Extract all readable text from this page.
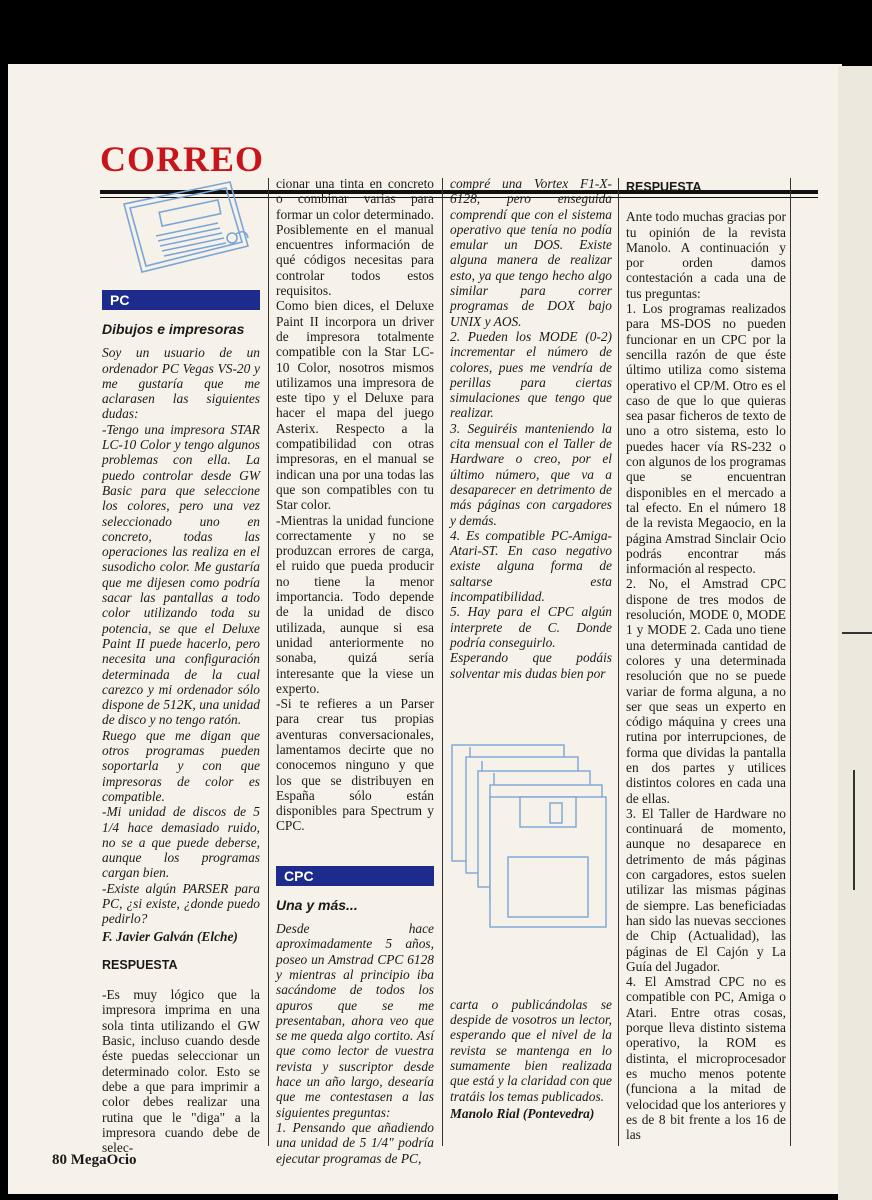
CORREO
PC
Dibujos e impresoras

Soy un usuario de un ordenador PC Vegas VS-20 y me gustaría que me aclarasen las siguientes dudas:

-Tengo una impresora STAR LC-10 Color y tengo algunos problemas con ella. La puedo controlar desde GW Basic para que seleccione los colores, pero una vez seleccionado uno en concreto, todas las operaciones las realiza en el susodicho color. Me gustaría que me dijesen como podría sacar las pantallas a todo color utilizando toda su potencia, se que el Deluxe Paint II puede hacerlo, pero necesita una configuración determinada de la cual carezco y mi ordenador sólo dispone de 512K, una unidad de disco y no tengo ratón.

Ruego que me digan que otros programas pueden soportarla y con que impresoras de color es compatible.

-Mi unidad de discos de 5 1/4 hace demasiado ruido, no se a que puede deberse, aunque los programas cargan bien.

-Existe algún PARSER para PC, ¿si existe, ¿donde puedo pedirlo?

F. Javier Galván (Elche)

RESPUESTA

-Es muy lógico que la impresora imprima en una sola tinta utilizando el GW Basic, incluso cuando desde éste puedas seleccionar un determinado color. Esto se debe a que para imprimir a color debes realizar una rutina que le "diga" a la impresora cuando debe de selec-

cionar una tinta en concreto o combinar varias para formar un color determinado. Posiblemente en el manual encuentres información de qué códigos necesitas para controlar todos estos requisitos.

Como bien dices, el Deluxe Paint II incorpora un driver de impresora totalmente compatible con la Star LC-10 Color, nosotros mismos utilizamos una impresora de este tipo y el Deluxe para hacer el mapa del juego Asterix. Respecto a la compatibilidad con otras impresoras, en el manual se indican una por una todas las que son compatibles con tu Star color.

-Mientras la unidad funcione correctamente y no se produzcan errores de carga, el ruido que pueda producir no tiene la menor importancia. Todo depende de la unidad de disco utilizada, aunque si esa unidad anteriormente no sonaba, quizá sería interesante que la viese un experto.

-Si te refieres a un Parser para crear tus propias aventuras conversacionales, lamentamos decirte que no conocemos ninguno y que los que se distribuyen en España sólo están disponibles para Spectrum y CPC.

CPC
Una y más...

Desde hace aproximadamente 5 años, poseo un Amstrad CPC 6128 y mientras al principio iba sacándome de todos los apuros que se me presentaban, ahora veo que se me queda algo cortito. Así que como lector de vuestra revista y suscriptor desde hace un año largo, desearía que me contestasen a las siguientes preguntas:

1. Pensando que añadiendo una unidad de 5 1/4" podría ejecutar programas de PC,

compré una Vortex F1-X-6128, pero enseguida comprendí que con el sistema operativo que tenía no podía emular un DOS. Existe alguna manera de realizar esto, ya que tengo hecho algo similar para correr programas de DOX bajo UNIX y AOS.

2. Pueden los MODE (0-2) incrementar el número de colores, pues me vendría de perillas para ciertas simulaciones que tengo que realizar.

3. Seguiréis manteniendo la cita mensual con el Taller de Hardware o creo, por el último número, que va a desaparecer en detrimento de más páginas con cargadores y demás.

4. Es compatible PC-Amiga-Atari-ST. En caso negativo existe alguna forma de saltarse esta incompatibilidad.

5. Hay para el CPC algún interprete de C. Donde podría conseguirlo.

Esperando que podáis solventar mis dudas bien por

carta o publicándolas se despide de vosotros un lector, esperando que el nivel de la revista se mantenga en lo sumamente bien realizada que está y la claridad con que tratáis los temas publicados.

Manolo Rial (Pontevedra)

RESPUESTA

Ante todo muchas gracias por tu opinión de la revista Manolo. A continuación y por orden damos contestación a cada una de tus preguntas:

1. Los programas realizados para MS-DOS no pueden funcionar en un CPC por la sencilla razón de que éste último utiliza como sistema operativo el CP/M. Otro es el caso de que lo que quieras sea pasar ficheros de texto de uno a otro sistema, esto lo puedes hacer vía RS-232 o con algunos de los programas que se encuentran disponibles en el mercado a tal efecto. En el número 18 de la revista Megaocio, en la página Amstrad Sinclair Ocio podrás encontrar más información al respecto.

2. No, el Amstrad CPC dispone de tres modos de resolución, MODE 0, MODE 1 y MODE 2. Cada uno tiene una determinada cantidad de colores y una determinada resolución que no se puede variar de forma alguna, a no ser que seas un experto en código máquina y crees una rutina por interrupciones, de forma que dividas la pantalla en dos partes y utilices distintos colores en cada una de ellas.

3. El Taller de Hardware no continuará de momento, aunque no desaparece en detrimento de más páginas con cargadores, estos suelen utilizar las mismas páginas de siempre. Las beneficiadas han sido las nuevas secciones de Chip (Actualidad), las páginas de El Cajón y La Guía del Jugador.

4. El Amstrad CPC no es compatible con PC, Amiga o Atari. Entre otras cosas, porque lleva distinto sistema operativo, la ROM es distinta, el microprocesador es mucho menos potente (funciona a la mitad de velocidad que los anteriores y es de 8 bit frente a los 16 de las

80 MegaOcio
